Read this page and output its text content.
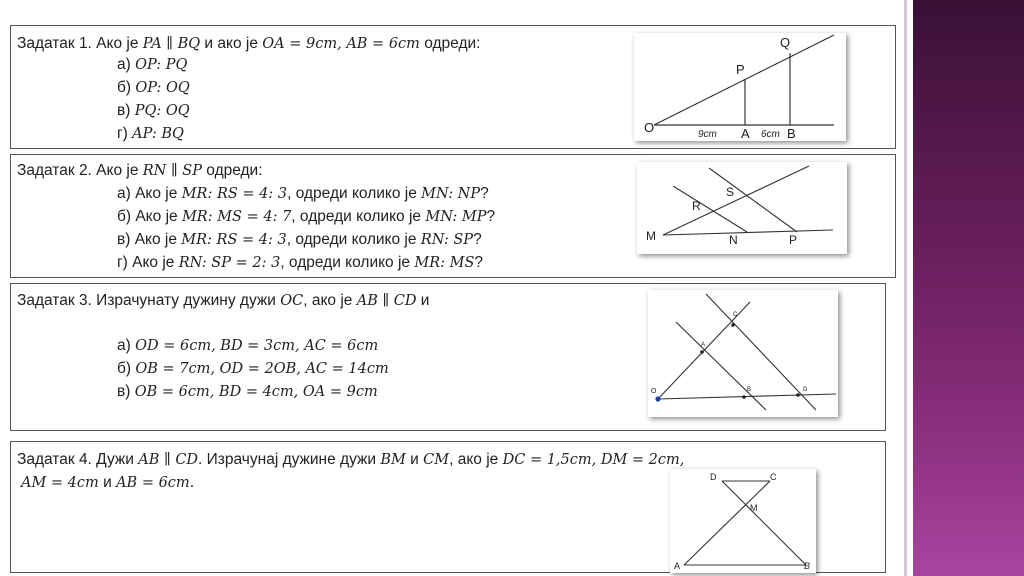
Задатак 1. Ако је PA ∥ BQ и ако је OA = 9cm, AB = 6cm одреди:
а) OP: PQ
б) OP: OQ
в) PQ: OQ
г) AP: BQ	O	A	B
P
Q
9cm	6cm
Задатак 2. Ако је RN ∥ SP одреди:
а) Ако је MR: RS = 4: 3, одреди колико је MN: NP?
б) Ако је MR: MS = 4: 7, одреди колико је MN: MP?
в) Ако је MR: RS = 4: 3, одреди колико је RN: SP?
г) Ако је RN: SP = 2: 3, одреди колико је MR: MS?
M
R
S
N	P
Задатак 3. Израчунату дужину дужи OC, ако је AB ∥ CD и
а) OD = 6cm, BD = 3cm, AC = 6cm
б) OB = 7cm, OD = 2OB, AC = 14cm
в) OB = 6cm, BD = 4cm, OA = 9cm	O
A
C
B	D
Задатак 4. Дужи AB ∥ CD. Израчунај дужине дужи BM и CM, ако је DC = 1,5cm, DM = 2cm,
AM = 4cm и AB = 6cm.	D	C
M
A	B
